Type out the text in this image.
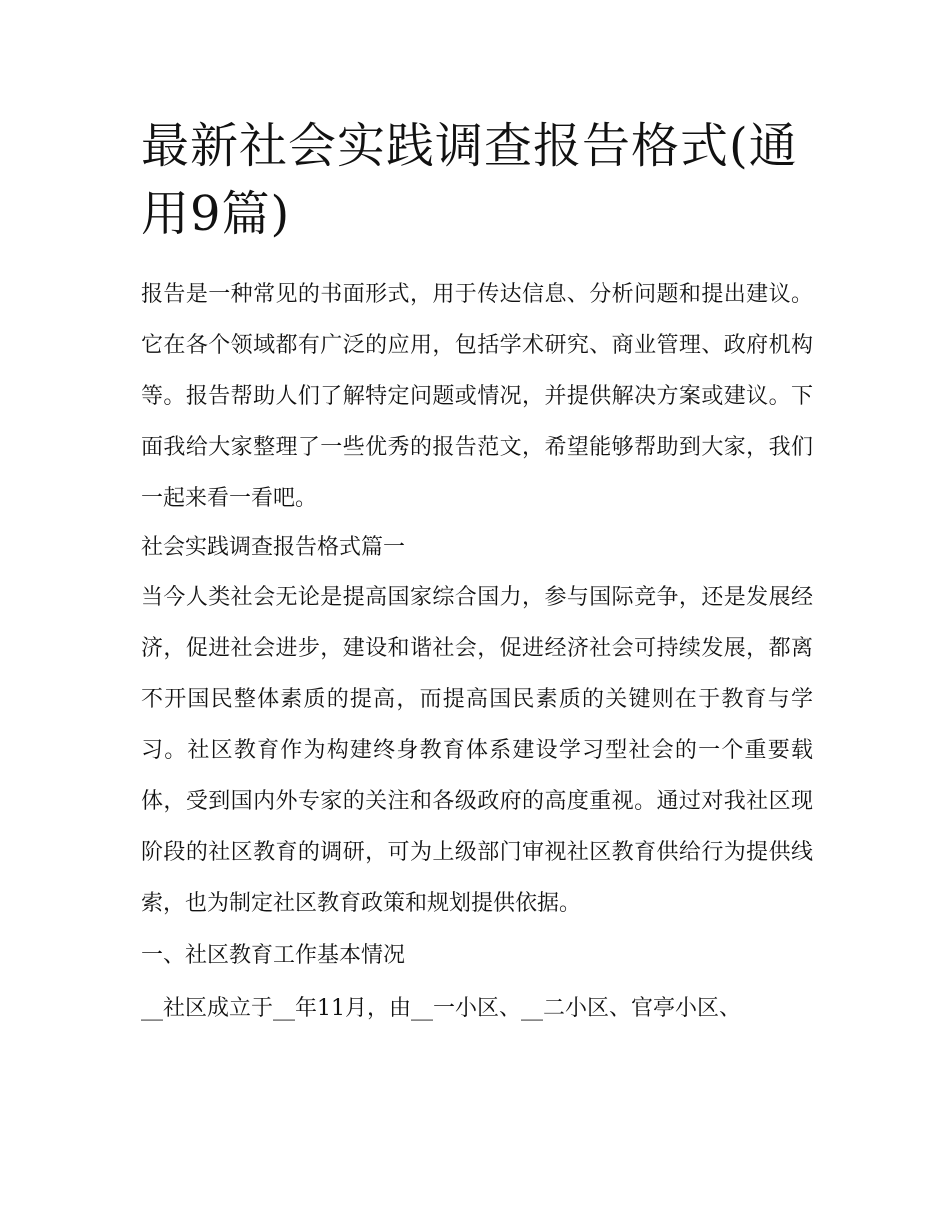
最新社会实践调查报告格式(通用9篇)

报告是一种常见的书面形式，用于传达信息、分析问题和提出建议。它在各个领域都有广泛的应用，包括学术研究、商业管理、政府机构等。报告帮助人们了解特定问题或情况，并提供解决方案或建议。下面我给大家整理了一些优秀的报告范文，希望能够帮助到大家，我们一起来看一看吧。

社会实践调查报告格式篇一

当今人类社会无论是提高国家综合国力，参与国际竞争，还是发展经济，促进社会进步，建设和谐社会，促进经济社会可持续发展，都离不开国民整体素质的提高，而提高国民素质的关键则在于教育与学习。社区教育作为构建终身教育体系建设学习型社会的一个重要载体，受到国内外专家的关注和各级政府的高度重视。通过对我社区现阶段的社区教育的调研，可为上级部门审视社区教育供给行为提供线索，也为制定社区教育政策和规划提供依据。

一、社区教育工作基本情况

__社区成立于__年11月，由__一小区、__二小区、官亭小区、
